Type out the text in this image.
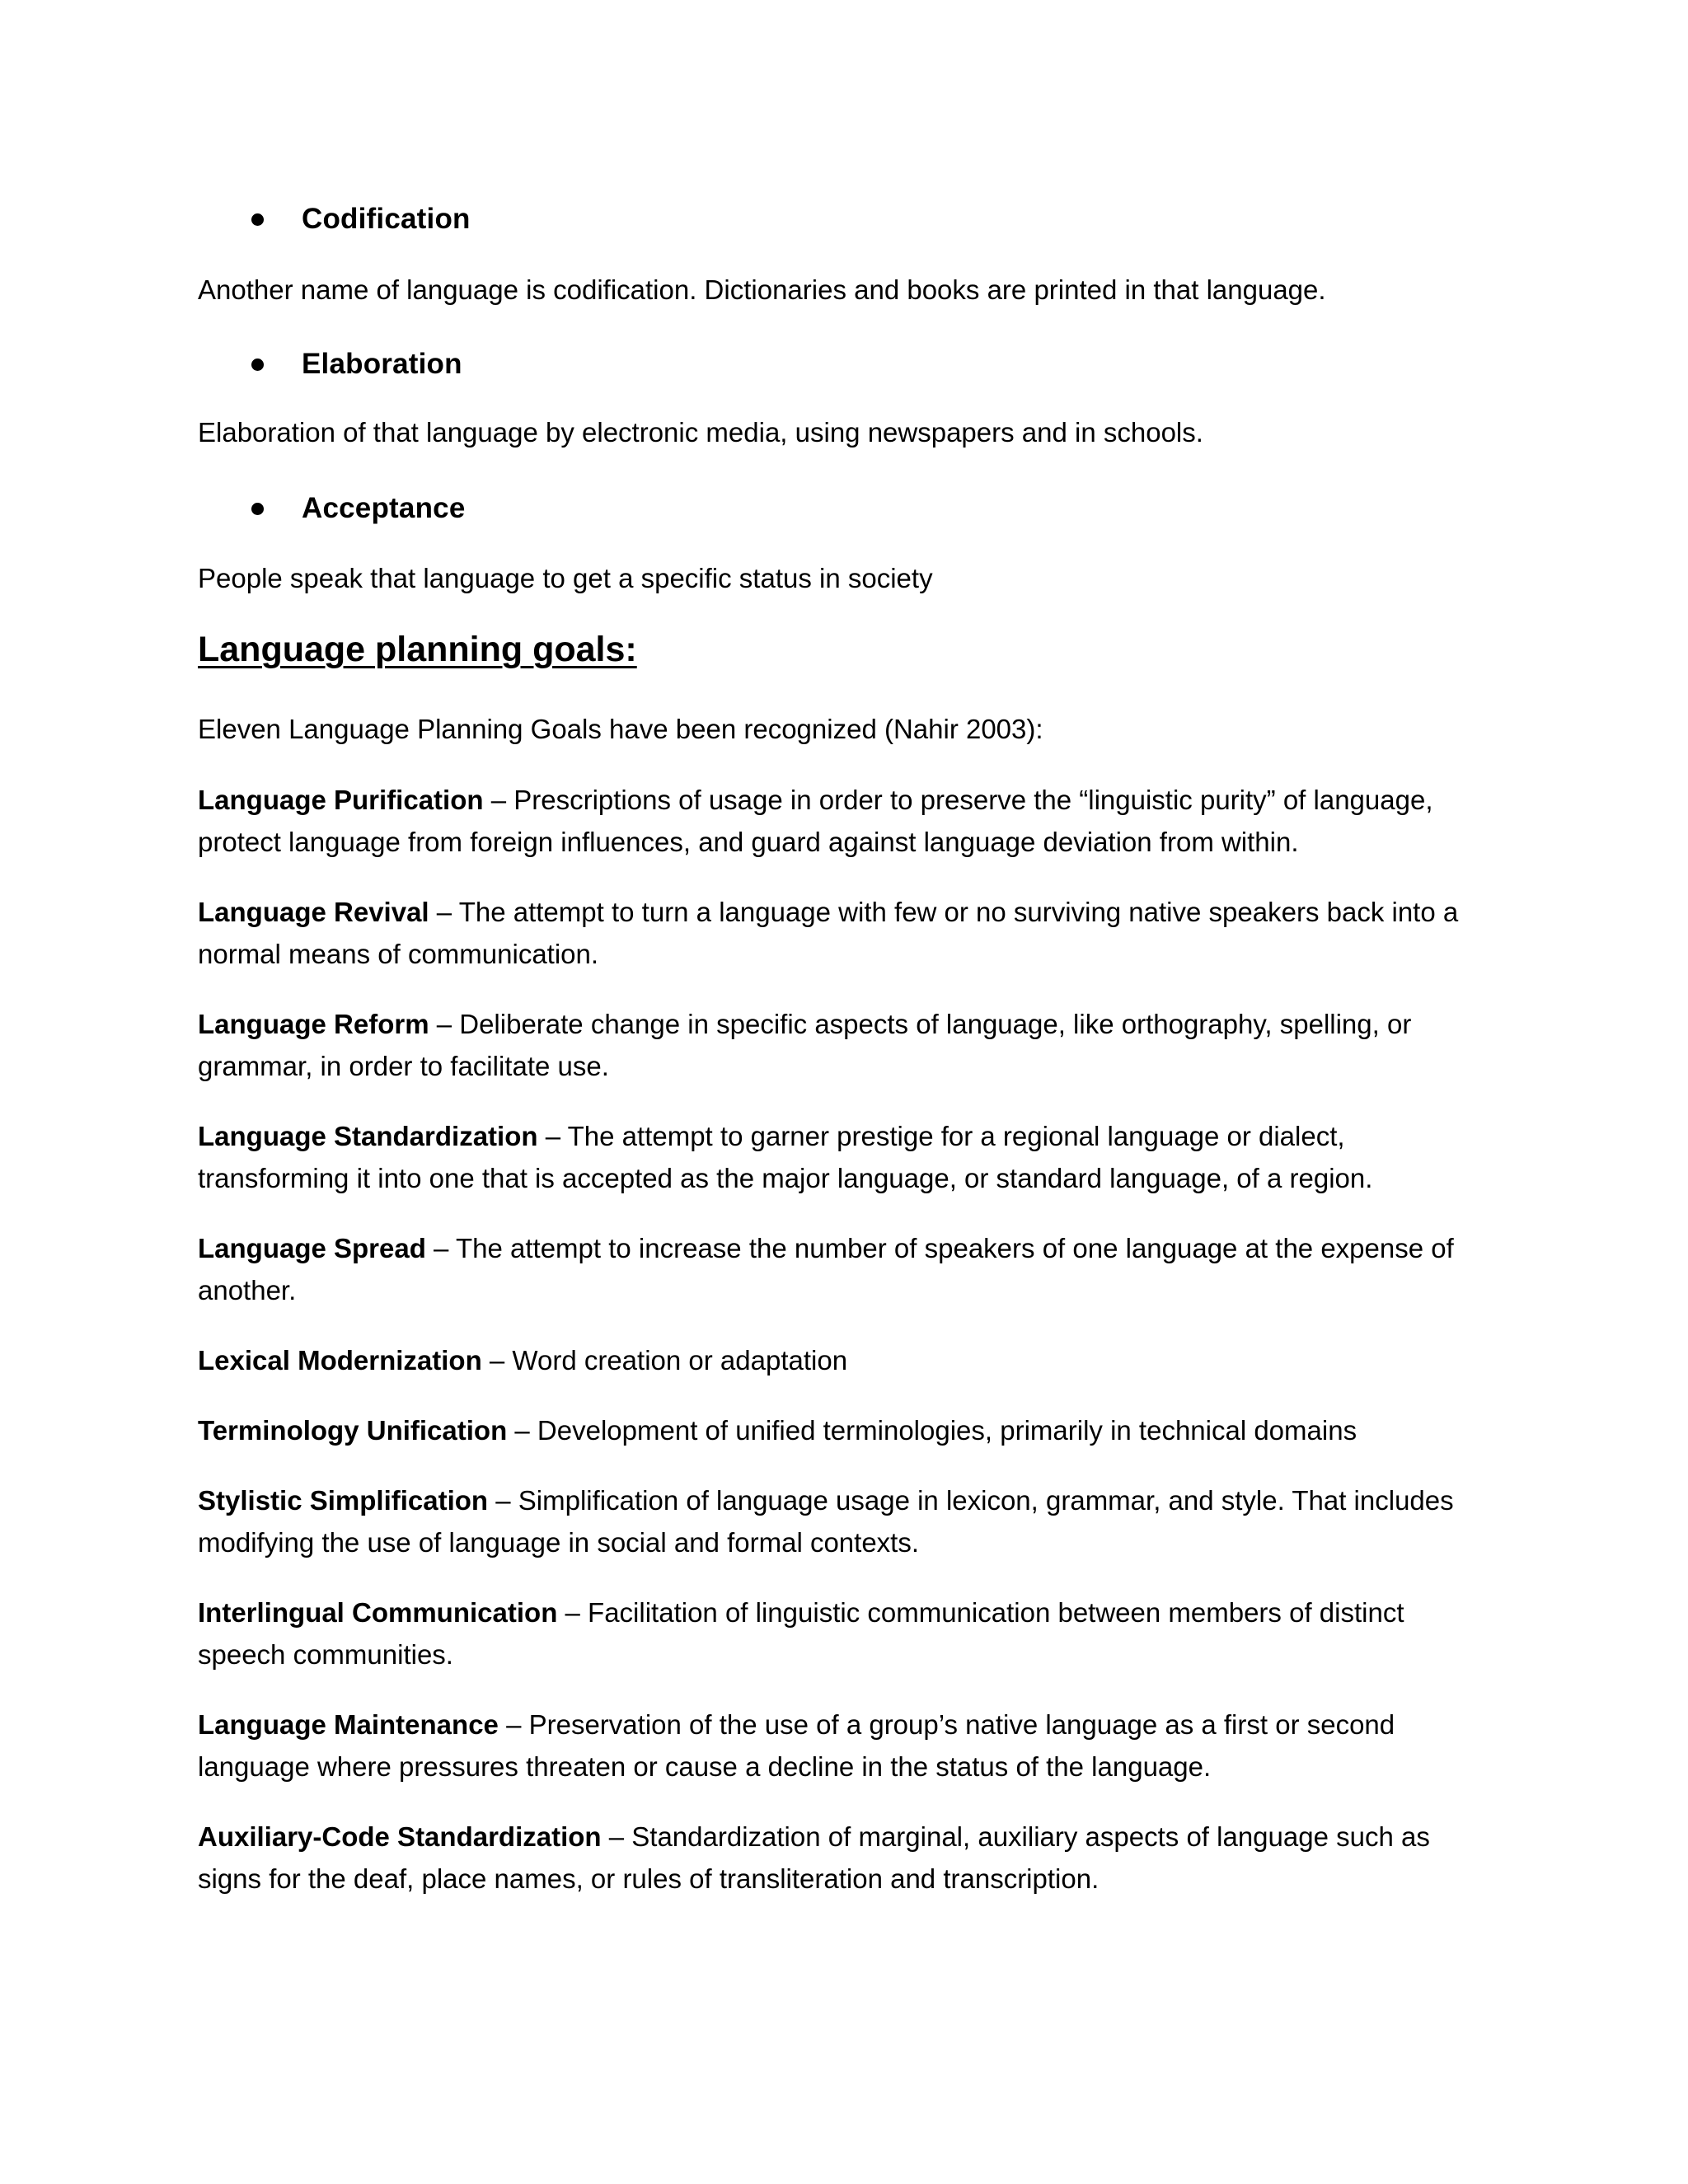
Codification
Another name of language is codification. Dictionaries and books are printed in that language.
Elaboration
Elaboration of that language by electronic media, using newspapers and in schools.
Acceptance
People speak that language to get a specific status in society
Language planning goals:
Eleven Language Planning Goals have been recognized (Nahir 2003):
Language Purification – Prescriptions of usage in order to preserve the “linguistic purity” of language, protect language from foreign influences, and guard against language deviation from within.
Language Revival – The attempt to turn a language with few or no surviving native speakers back into a normal means of communication.
Language Reform – Deliberate change in specific aspects of language, like orthography, spelling, or grammar, in order to facilitate use.
Language Standardization – The attempt to garner prestige for a regional language or dialect, transforming it into one that is accepted as the major language, or standard language, of a region.
Language Spread – The attempt to increase the number of speakers of one language at the expense of another.
Lexical Modernization – Word creation or adaptation
Terminology Unification – Development of unified terminologies, primarily in technical domains
Stylistic Simplification – Simplification of language usage in lexicon, grammar, and style. That includes modifying the use of language in social and formal contexts.
Interlingual Communication – Facilitation of linguistic communication between members of distinct speech communities.
Language Maintenance – Preservation of the use of a group’s native language as a first or second language where pressures threaten or cause a decline in the status of the language.
Auxiliary-Code Standardization – Standardization of marginal, auxiliary aspects of language such as signs for the deaf, place names, or rules of transliteration and transcription.
